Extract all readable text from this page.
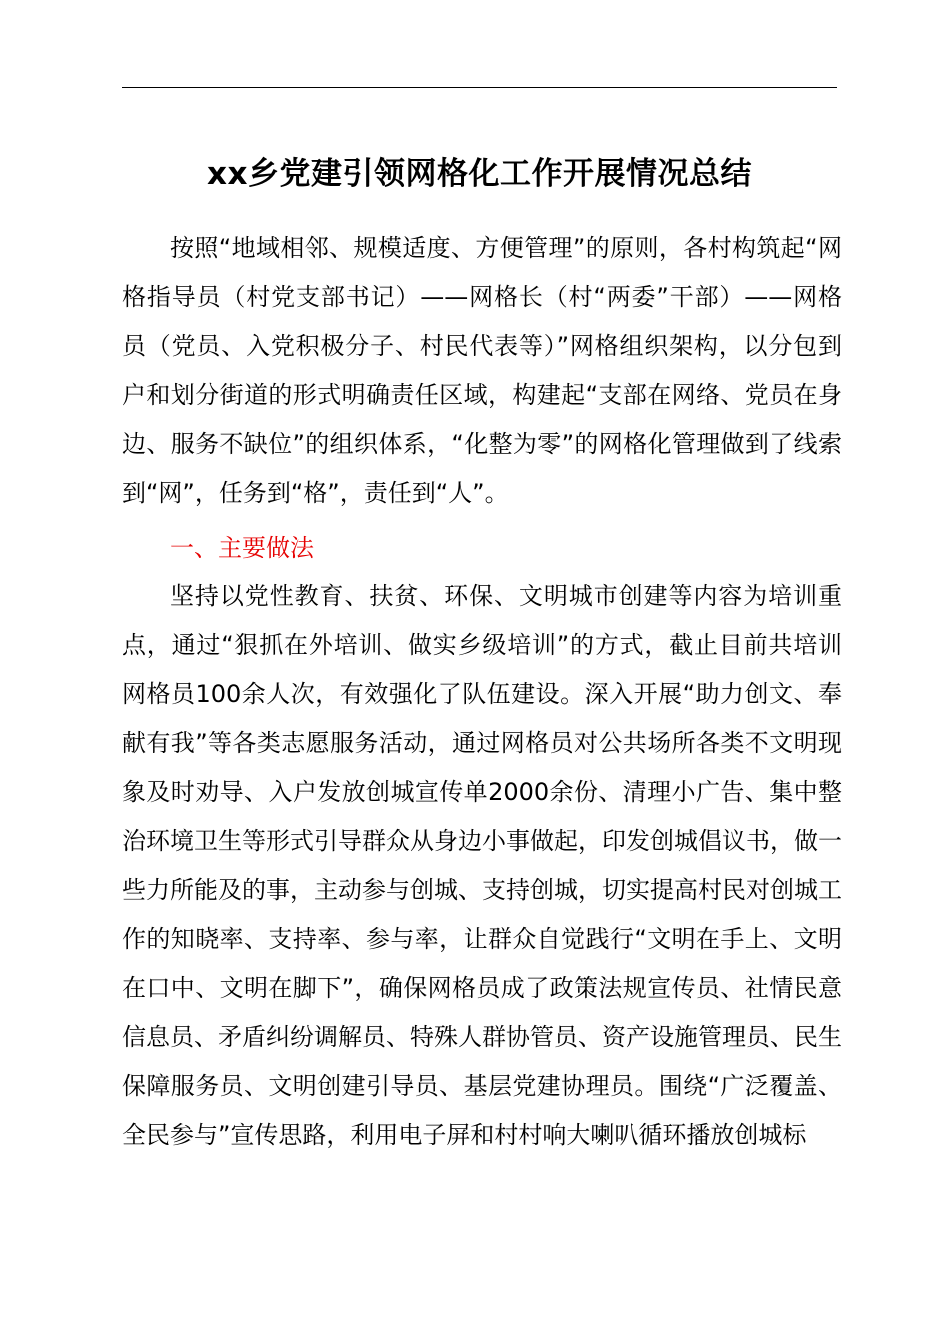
xx乡党建引领网格化工作开展情况总结

按照“地域相邻、规模适度、方便管理”的原则，各村构筑起“网格指导员（村党支部书记）——网格长（村“两委”干部）——网格员（党员、入党积极分子、村民代表等）”网格组织架构，以分包到户和划分街道的形式明确责任区域，构建起“支部在网络、党员在身边、服务不缺位”的组织体系，“化整为零”的网格化管理做到了线索到“网”，任务到“格”，责任到“人”。

一、主要做法

坚持以党性教育、扶贫、环保、文明城市创建等内容为培训重点，通过“狠抓在外培训、做实乡级培训”的方式，截止目前共培训网格员100余人次，有效强化了队伍建设。深入开展“助力创文、奉献有我”等各类志愿服务活动，通过网格员对公共场所各类不文明现象及时劝导、入户发放创城宣传单2000余份、清理小广告、集中整治环境卫生等形式引导群众从身边小事做起，印发创城倡议书，做一些力所能及的事，主动参与创城、支持创城，切实提高村民对创城工作的知晓率、支持率、参与率，让群众自觉践行“文明在手上、文明在口中、文明在脚下”，确保网格员成了政策法规宣传员、社情民意信息员、矛盾纠纷调解员、特殊人群协管员、资产设施管理员、民生保障服务员、文明创建引导员、基层党建协理员。围绕“广泛覆盖、全民参与”宣传思路，利用电子屏和村村响大喇叭循环播放创城标
